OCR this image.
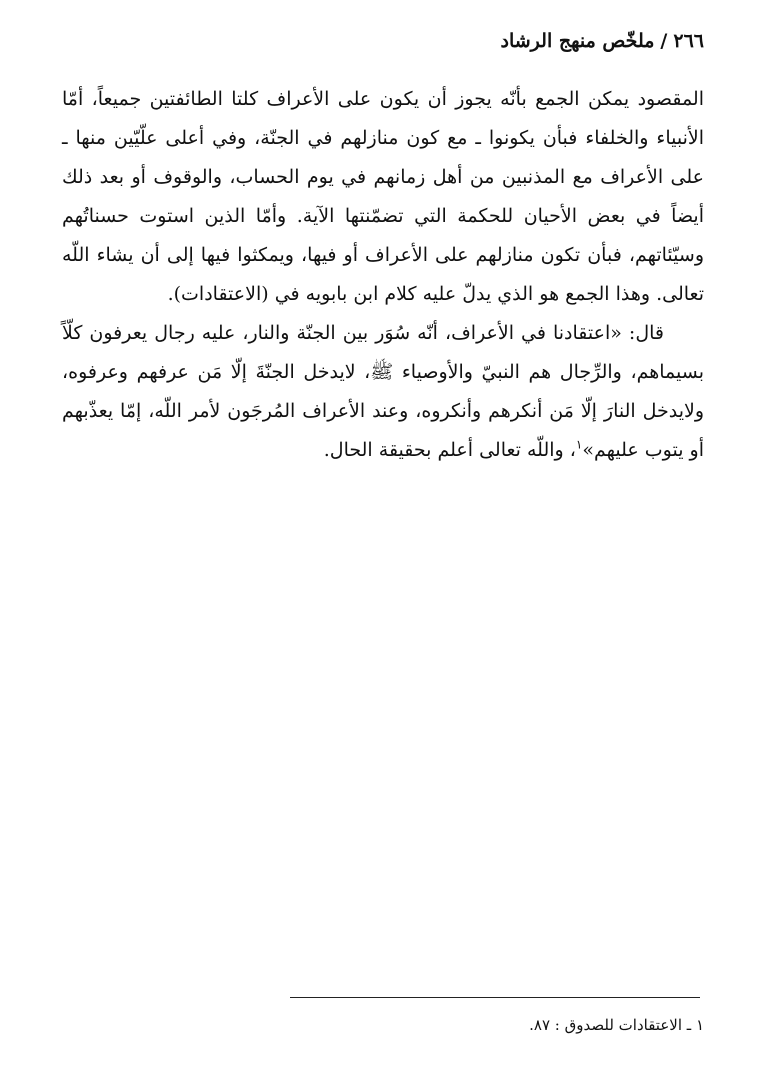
٢٦٦/ملخّص منهج الرشاد

المقصود يمكن الجمع بأنّه يجوز أن يكون على الأعراف كلتا الطائفتين جميعاً، أمّا الأنبياء والخلفاء فبأن يكونوا ـ مع كون منازلهم في الجنّة، وفي أعلى علّيّين منها ـ على الأعراف مع المذنبين من أهل زمانهم في يوم الحساب، والوقوف أو بعد ذلك أيضاً في بعض الأحيان للحكمة التي تضمّنتها الآية. وأمّا الذين استوت حسناتُهم وسيّئاتهم، فبأن تكون منازلهم على الأعراف أو فيها، ويمكثوا فيها إلى أن يشاء اللّه تعالى. وهذا الجمع هو الذي يدلّ عليه كلام ابن بابويه في (الاعتقادات).

قال: «اعتقادنا في الأعراف، أنّه سُوَر بين الجنّة والنار، عليه رجال يعرفون كلّاً بسيماهم، والرِّجال هم النبيّ والأوصياء ﷺ، لايدخل الجنّةَ إلّا مَن عرفهم وعرفوه، ولايدخل النارَ إلّا مَن أنكرهم وأنكروه، وعند الأعراف المُرجَون لأمر اللّه، إمّا يعذّبهم أو يتوب عليهم»$^١$، واللّه تعالى أعلم بحقيقة الحال.

١ ـ الاعتقادات للصدوق : ٨٧.
